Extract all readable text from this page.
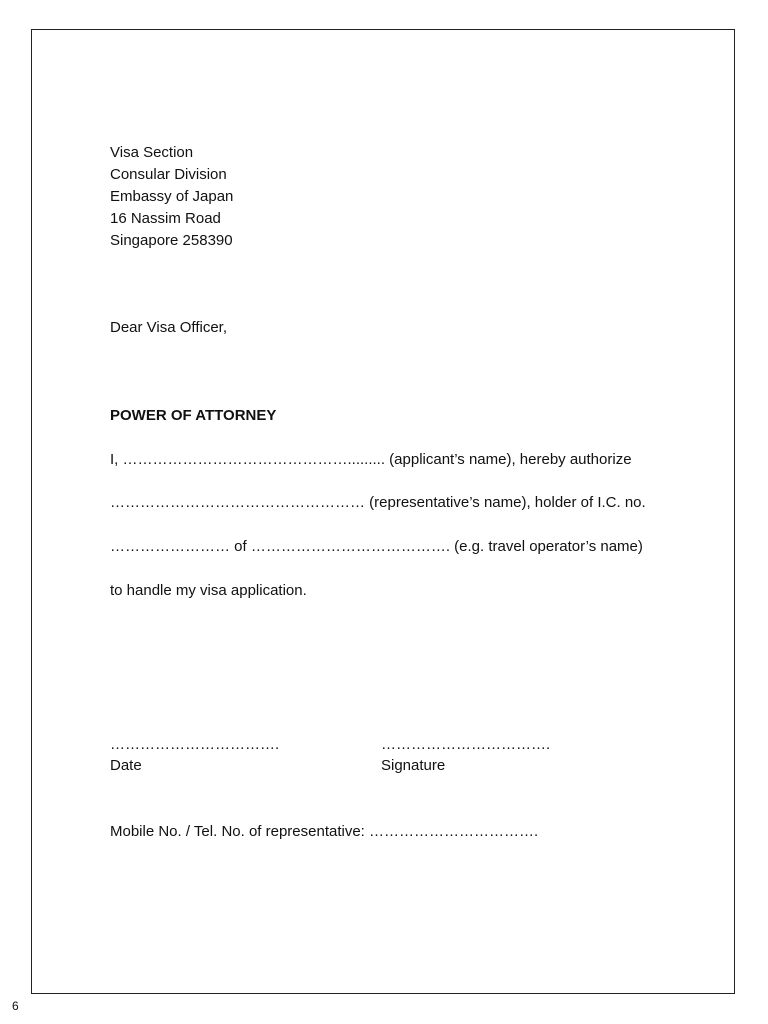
Visa Section
Consular Division
Embassy of Japan
16 Nassim Road
Singapore 258390
Dear Visa Officer,
POWER OF ATTORNEY
I, ………………………………………......... (applicant’s name), hereby authorize
…………………………………………… (representative’s name), holder of I.C. no.
…………………… of …………………………………. (e.g. travel operator’s name)
to handle my visa application.
…………………………….
Date
…………………………….
Signature
Mobile No. / Tel. No. of representative: …………………………….
6
